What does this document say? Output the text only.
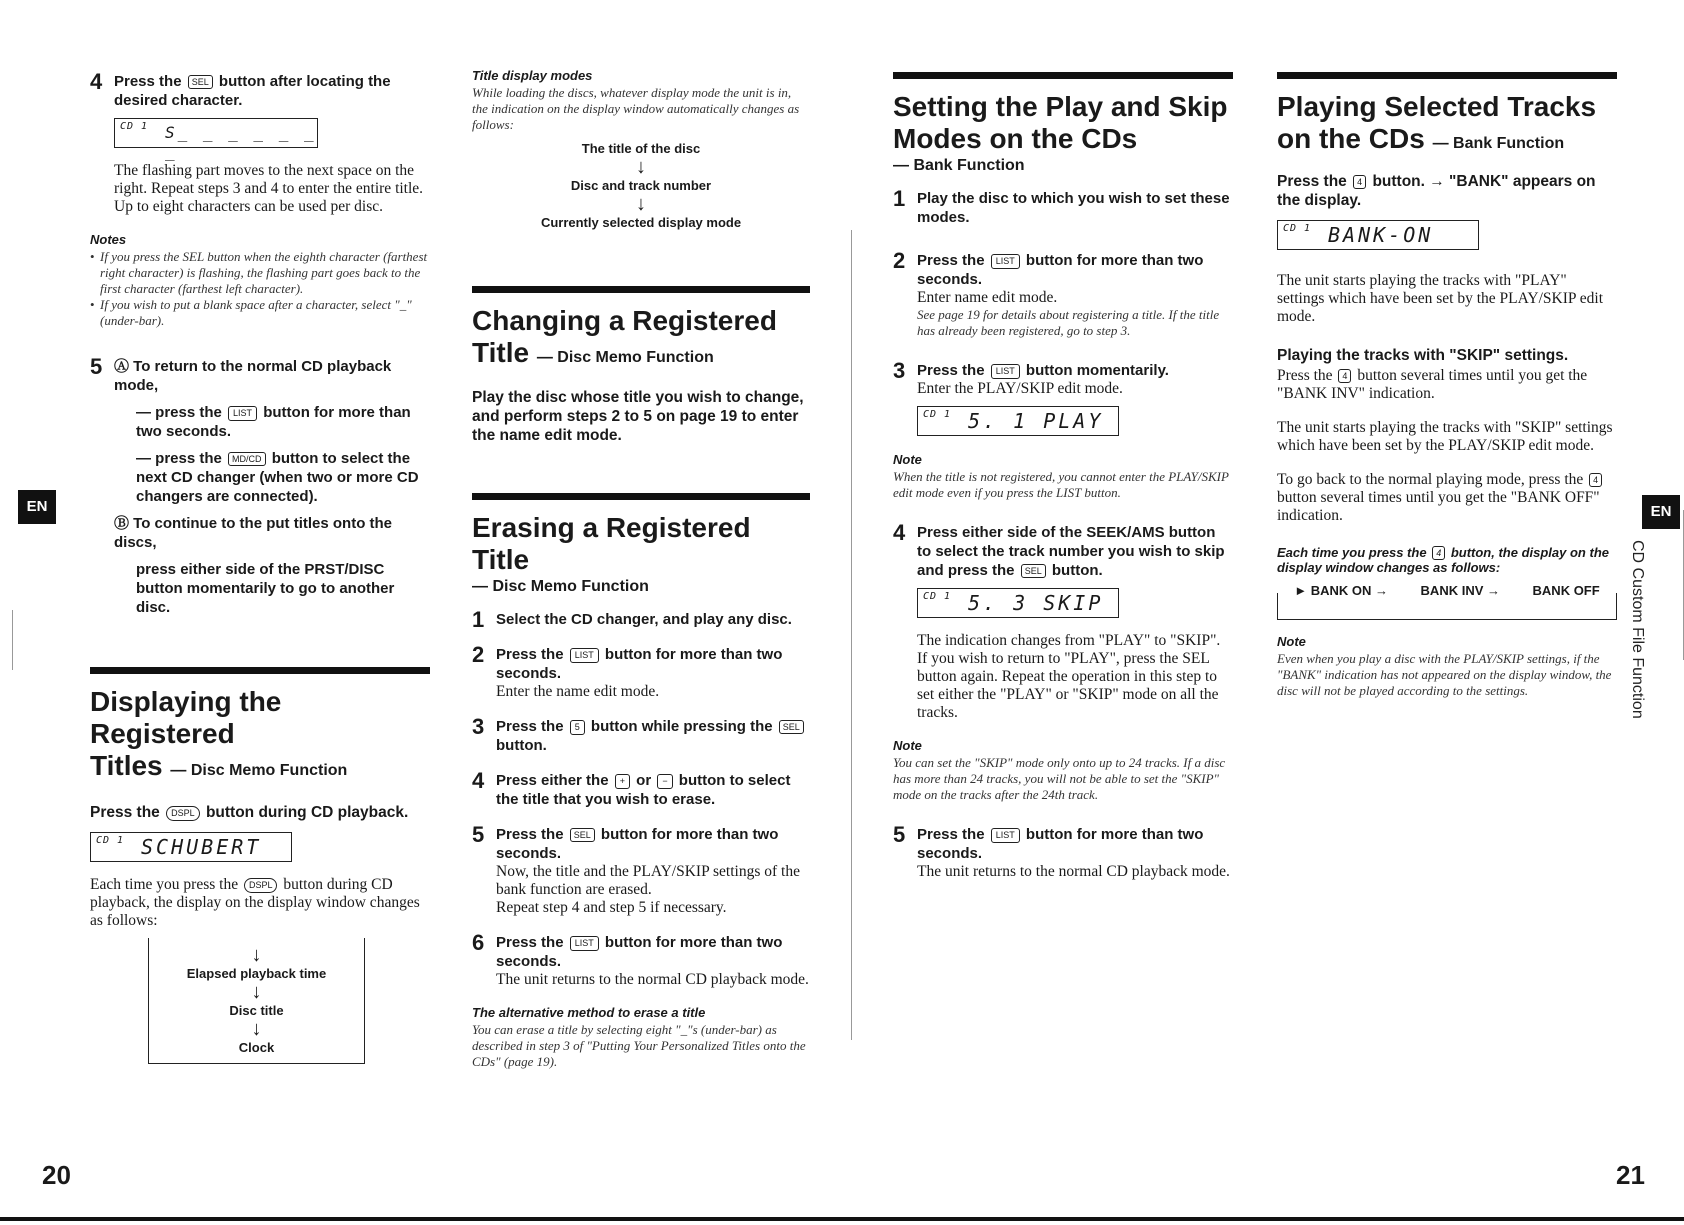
EN	EN
CD Custom File Function
4 Press the SEL button after locating the desired character.
CD 1 S_ _ _ _ _ _ _
The flashing part moves to the next space on the right. Repeat steps 3 and 4 to enter the entire title. Up to eight characters can be used per disc.
Notes
• If you press the SEL button when the eighth character (farthest right character) is flashing, the flashing part goes back to the first character (farthest left character).
• If you wish to put a blank space after a character, select "_" (under-bar).
5 Ⓐ To return to the normal CD playback mode,
— press the LIST button for more than two seconds.
— press the MD/CD button to select the next CD changer (when two or more CD changers are connected).
Ⓑ To continue to the put titles onto the discs,
press either side of the PRST/DISC button momentarily to go to another disc.
Displaying the Registered
Titles — Disc Memo Function
Press the DSPL button during CD playback.
CD 1 SCHUBERT
Each time you press the DSPL button during CD playback, the display on the display window changes as follows:
↓
Elapsed playback time
↓
Disc title
↓
Clock
Title display modes
While loading the discs, whatever display mode the unit is in, the indication on the display window automatically changes as follows:
The title of the disc
↓
Disc and track number
↓
Currently selected display mode
Changing a Registered
Title — Disc Memo Function
Play the disc whose title you wish to change, and perform steps 2 to 5 on page 19 to enter the name edit mode.
Erasing a Registered Title
— Disc Memo Function
1 Select the CD changer, and play any disc.
2 Press the LIST button for more than two seconds.
Enter the name edit mode.
3 Press the 5 button while pressing the SEL button.
4 Press either the + or − button to select the title that you wish to erase.
5 Press the SEL button for more than two seconds.
Now, the title and the PLAY/SKIP settings of the bank function are erased.
Repeat step 4 and step 5 if necessary.
6 Press the LIST button for more than two seconds.
The unit returns to the normal CD playback mode.
The alternative method to erase a title
You can erase a title by selecting eight "_"s (under-bar) as described in step 3 of "Putting Your Personalized Titles onto the CDs" (page 19).
Setting the Play and Skip Modes on the CDs
— Bank Function
1 Play the disc to which you wish to set these modes.
2 Press the LIST button for more than two seconds.
Enter name edit mode.
See page 19 for details about registering a title. If the title has already been registered, go to step 3.
3 Press the LIST button momentarily.
Enter the PLAY/SKIP edit mode.
CD 1 5. 1 PLAY
Note
When the title is not registered, you cannot enter the PLAY/SKIP edit mode even if you press the LIST button.
4 Press either side of the SEEK/AMS button to select the track number you wish to skip and press the SEL button.
CD 1 5. 3 SKIP
The indication changes from "PLAY" to "SKIP". If you wish to return to "PLAY", press the SEL button again. Repeat the operation in this step to set either the "PLAY" or "SKIP" mode on all the tracks.
Note
You can set the "SKIP" mode only onto up to 24 tracks. If a disc has more than 24 tracks, you will not be able to set the "SKIP" mode on the tracks after the 24th track.
5 Press the LIST button for more than two seconds.
The unit returns to the normal CD playback mode.
Playing Selected Tracks on the CDs — Bank Function
Press the 4 button. → "BANK" appears on the display.
CD 1 BANK-ON
The unit starts playing the tracks with "PLAY" settings which have been set by the PLAY/SKIP edit mode.
Playing the tracks with "SKIP" settings.
Press the 4 button several times until you get the "BANK INV" indication.
The unit starts playing the tracks with "SKIP" settings which have been set by the PLAY/SKIP edit mode.
To go back to the normal playing mode, press the 4 button several times until you get the "BANK OFF" indication.
Each time you press the 4 button, the display on the display window changes as follows:
► BANK ON →	BANK INV →	BANK OFF
Note
Even when you play a disc with the PLAY/SKIP settings, if the "BANK" indication has not appeared on the display window, the disc will not be played according to the settings.
20	21
